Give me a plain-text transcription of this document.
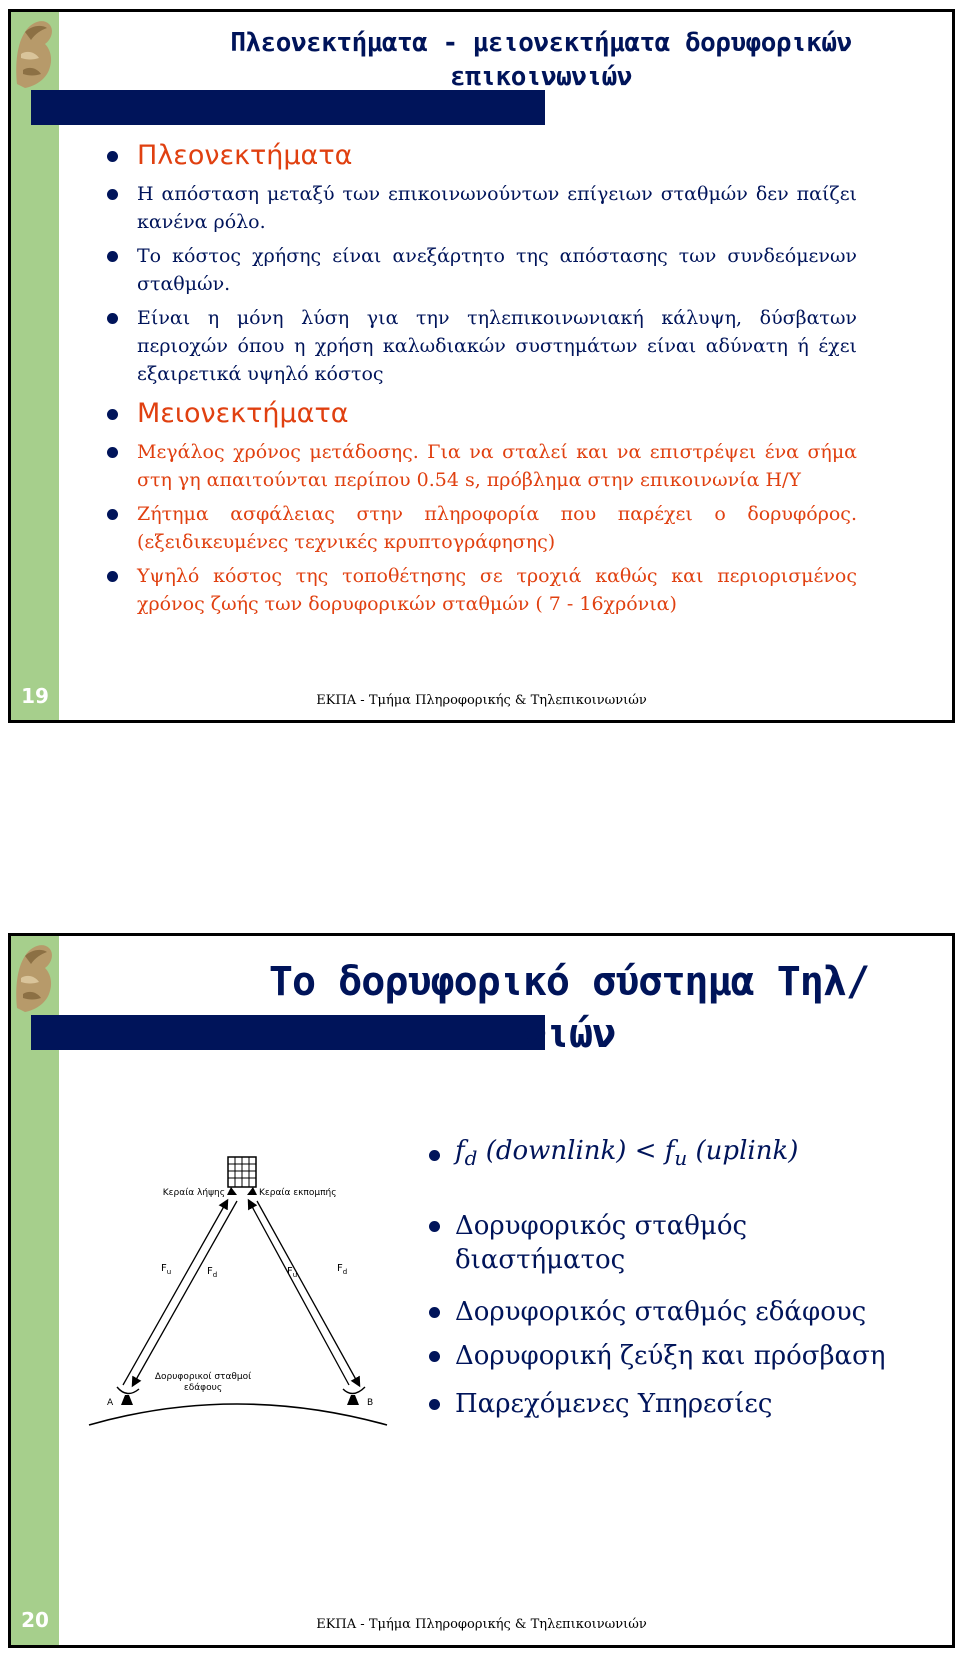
Πλεονεκτήματα - μειονεκτήματα δορυφορικών επικοινωνιών
Πλεονεκτήματα
Η απόσταση μεταξύ των επικοινωνούντων επίγειων σταθμών δεν παίζει κανένα ρόλο.
Το κόστος χρήσης είναι ανεξάρτητο της απόστασης των συνδεόμενων σταθμών.
Είναι η μόνη λύση για την τηλεπικοινωνιακή κάλυψη, δύσβατων περιοχών όπου η χρήση καλωδιακών συστημάτων είναι αδύνατη ή έχει εξαιρετικά υψηλό κόστος
Μειονεκτήματα
Μεγάλος χρόνος μετάδοσης. Για να σταλεί και να επιστρέψει ένα σήμα στη γη απαιτούνται περίπου 0.54 s, πρόβλημα στην επικοινωνία Η/Υ
Ζήτημα ασφάλειας στην πληροφορία που παρέχει ο δορυφόρος. (εξειδικευμένες τεχνικές κρυπτογράφησης)
Υψηλό κόστος της τοποθέτησης σε τροχιά καθώς και περιορισμένος χρόνος ζωής των δορυφορικών σταθμών ( 7 - 16χρόνια)
19	ΕΚΠΑ - Τμήμα Πληροφορικής & Τηλεπικοινωνιών
Το δορυφορικό σύστημα Τηλ/νιών
Κεραία λήψης	Κεραία εκπομπής
$F_u$	$F_d$	$F_u$
$F_d$
Δορυφορικοί σταθμοί
εδάφους
A	B
$f_d$ (downlink) < $f_u$ (uplink)
Δορυφορικός σταθμός διαστήματος
Δορυφορικός σταθμός εδάφους
Δορυφορική ζεύξη και πρόσβαση
Παρεχόμενες Υπηρεσίες
20	ΕΚΠΑ - Τμήμα Πληροφορικής & Τηλεπικοινωνιών
